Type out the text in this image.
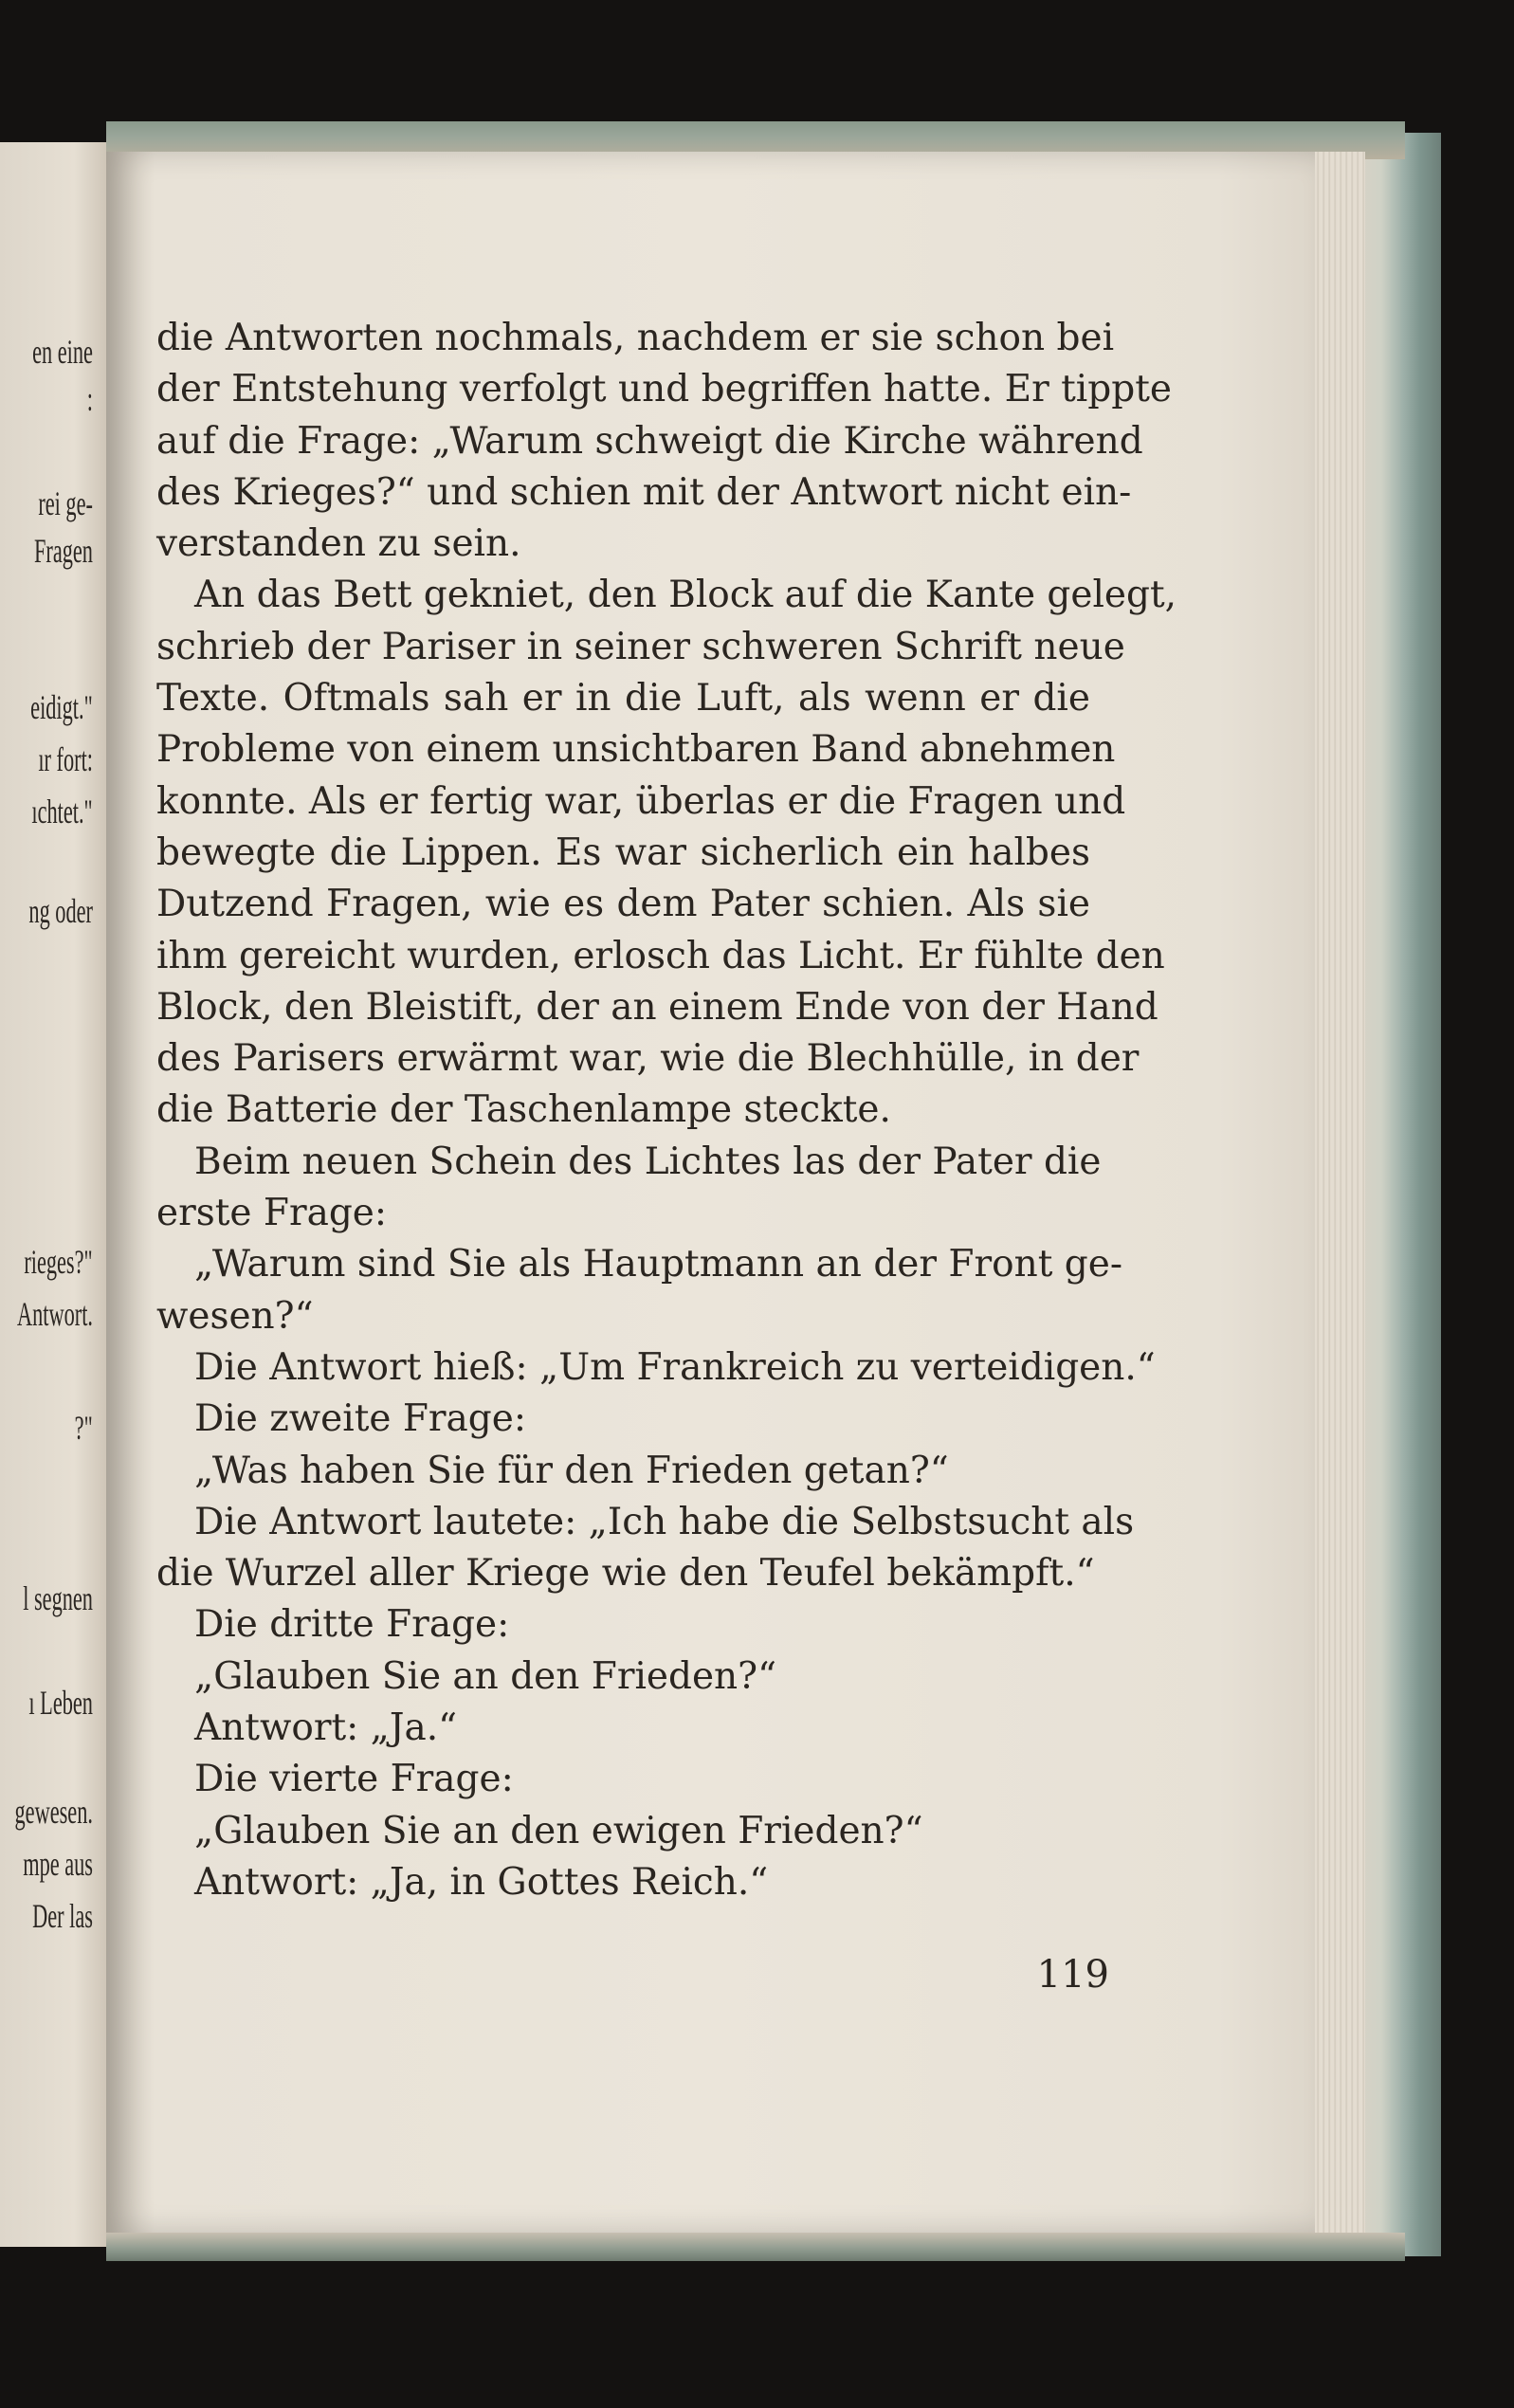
en eine
:
rei ge-
Fragen
eidigt."
ır fort:
ıchtet."
ng oder
rieges?"
Antwort.
?"
l segnen
ı Leben
gewesen.
mpe aus
Der las
die Antworten nochmals, nachdem er sie schon bei
der Entstehung verfolgt und begriffen hatte. Er tippte
auf die Frage: „Warum schweigt die Kirche während
des Krieges?“ und schien mit der Antwort nicht ein-
verstanden zu sein.
An das Bett gekniet, den Block auf die Kante gelegt,
schrieb der Pariser in seiner schweren Schrift neue
Texte. Oftmals sah er in die Luft, als wenn er die
Probleme von einem unsichtbaren Band abnehmen
konnte. Als er fertig war, überlas er die Fragen und
bewegte die Lippen. Es war sicherlich ein halbes
Dutzend Fragen, wie es dem Pater schien. Als sie
ihm gereicht wurden, erlosch das Licht. Er fühlte den
Block, den Bleistift, der an einem Ende von der Hand
des Parisers erwärmt war, wie die Blechhülle, in der
die Batterie der Taschenlampe steckte.
Beim neuen Schein des Lichtes las der Pater die
erste Frage:
„Warum sind Sie als Hauptmann an der Front ge-
wesen?“
Die Antwort hieß: „Um Frankreich zu verteidigen.“
Die zweite Frage:
„Was haben Sie für den Frieden getan?“
Die Antwort lautete: „Ich habe die Selbstsucht als
die Wurzel aller Kriege wie den Teufel bekämpft.“
Die dritte Frage:
„Glauben Sie an den Frieden?“
Antwort: „Ja.“
Die vierte Frage:
„Glauben Sie an den ewigen Frieden?“
Antwort: „Ja, in Gottes Reich.“
119
